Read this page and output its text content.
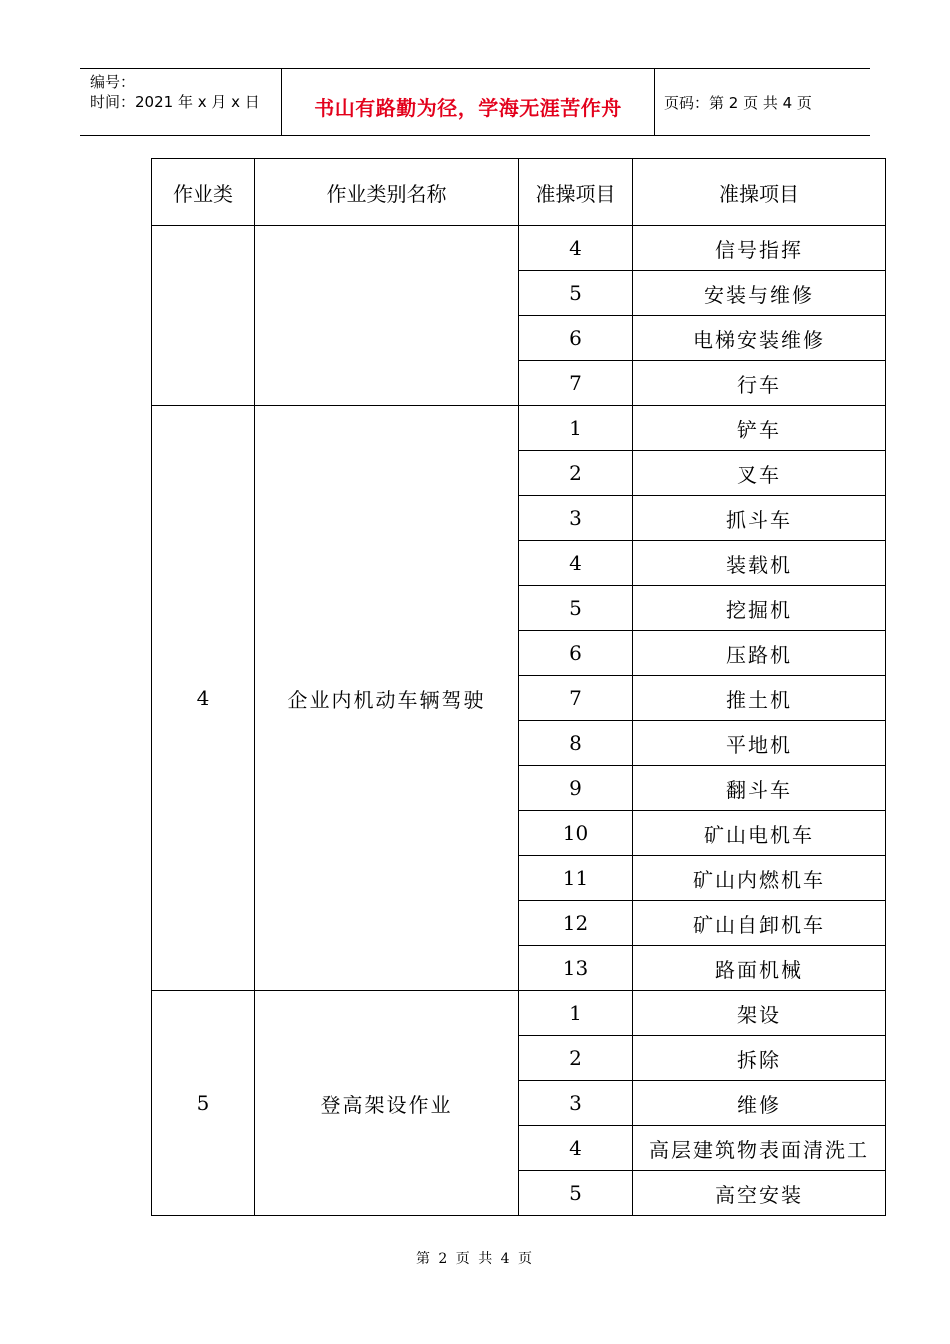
编号：
时间：2021 年 x 月 x 日	书山有路勤为径，学海无涯苦作舟	页码：第 2 页 共 4 页
作业类	作业类别名称	准操项目	准操项目
		4	信号指挥
		5	安装与维修
		6	电梯安装维修
		7	行车
4	企业内机动车辆驾驶	1	铲车
		2	叉车
		3	抓斗车
		4	装载机
		5	挖掘机
		6	压路机
		7	推土机
		8	平地机
		9	翻斗车
		10	矿山电机车
		11	矿山内燃机车
		12	矿山自卸机车
		13	路面机械
5	登高架设作业	1	架设
		2	拆除
		3	维修
		4	高层建筑物表面清洗工
		5	高空安装
第 2 页 共 4 页
